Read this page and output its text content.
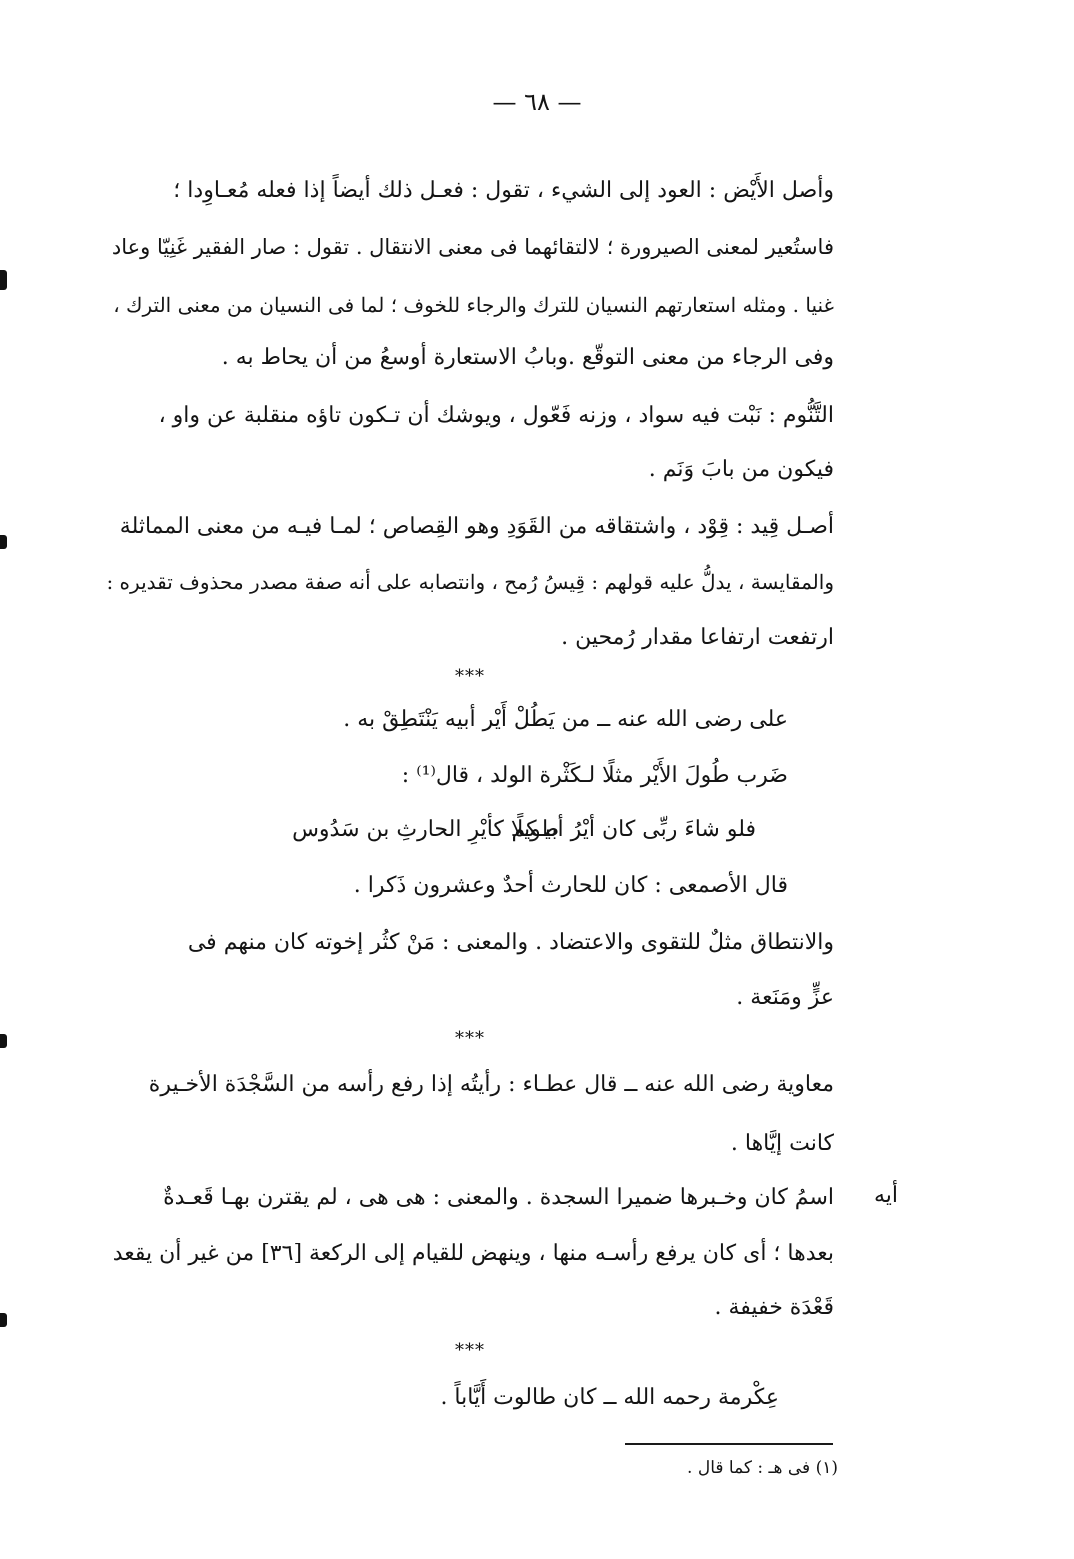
— ٦٨ —
وأصل الأَيْض : العود إلى الشيء ، تقول : فعـل ذلك أيضاً إذا فعله مُعـاوِدا ؛
فاستُعير لمعنى الصيرورة ؛ لالتقائهما فى معنى الانتقال . تقول : صار الفقير غَنِيّا وعاد
غنيا . ومثله استعارتهم النسيان للترك والرجاء للخوف ؛ لما فى النسيان من معنى الترك ،
وفى الرجاء من معنى التوقّع .وبابُ الاستعارة أوسعُ من أن يحاط به .
التَّنُّوم : نَبْت فيه سواد ، وزنه فَعّول ، ويوشك أن تـكون تاؤه منقلبة عن واو ،
فيكون من بابَ وَنَم .
أصـل قِيد : قِوْد ، واشتقاقه من القَوَدِ وهو القِصاص ؛ لمـا فيـه من معنى المماثلة
والمقايسة ، يدلُّ عليه قولهم : قِيسُ رُمح ، وانتصابه على أنه صفة مصدر محذوف تقديره :
ارتفعت ارتفاعا مقدار رُمحين .
***
على رضى الله عنه ــ من يَطُلْ أَيْر أبيه يَنْتَطِقْ به .
ضَرب طُولَ الأَيْر مثلًا لـكَثْرة الولد ، قال⁽¹⁾ :
فلو شاءَ ربِّى كان أيْرُ أبيـكم
طويلًا كأيْرِ الحارثِ بن سَدُوس
قال الأصمعى : كان للحارث أحدٌ وعشرون ذَكرا .
والانتطاق مثلٌ للتقوى والاعتضاد . والمعنى : مَنْ كثُر إخوته كان منهم فى
عزٍّ ومَنَعة .
***
معاوية رضى الله عنه ــ قال عطـاء : رأيتُه إذا رفع رأسه من السَّجْدَة الأخـيرة
كانت إيَّاها .
أيه
اسمُ كان وخـبرها ضميرا السجدة . والمعنى : هى هى ، لم يقترن بهـا قَعـدةٌ
بعدها ؛ أى كان يرفع رأسـه منها ، وينهض للقيام إلى الركعة [٣٦] من غير أن يقعد
قَعْدَة خفيفة .
***
عِكْرمة رحمه الله ــ كان طالوت أَيَّاباً .
(١) فى هـ : كما قال .
